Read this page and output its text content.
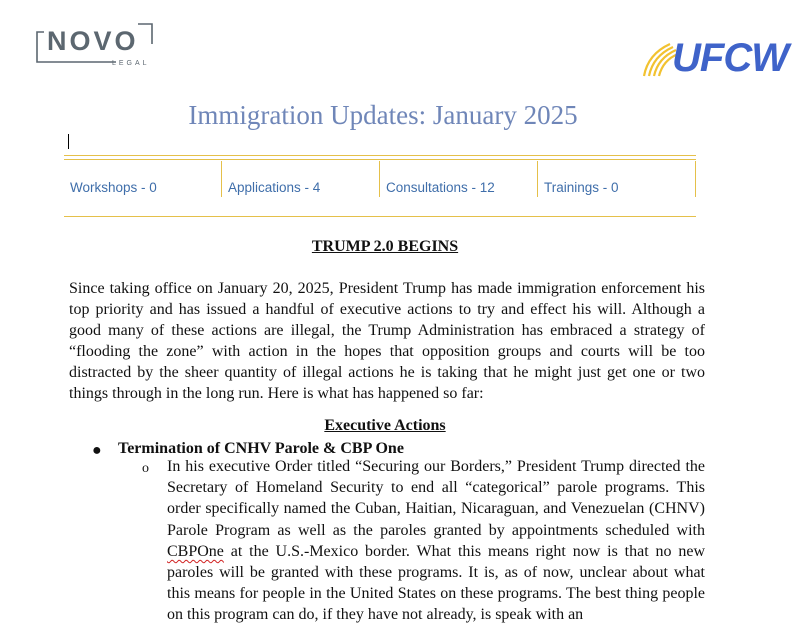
NOVO
LEGAL	UFCW
Immigration Updates: January 2025
Workshops - 0	Applications - 4	Consultations - 12	Trainings - 0
TRUMP 2.0 BEGINS
Since taking office on January 20, 2025, President Trump has made immigration enforcement his top priority and has issued a handful of executive actions to try and effect his will. Although a good many of these actions are illegal, the Trump Administration has embraced a strategy of “flooding the zone” with action in the hopes that opposition groups and courts will be too distracted by the sheer quantity of illegal actions he is taking that he might just get one or two things through in the long run. Here is what has happened so far:
Executive Actions
● Termination of CNHV Parole & CBP One
o In his executive Order titled “Securing our Borders,” President Trump directed the Secretary of Homeland Security to end all “categorical” parole programs. This order specifically named the Cuban, Haitian, Nicaraguan, and Venezuelan (CHNV) Parole Program as well as the paroles granted by appointments scheduled with CBPOne at the U.S.-Mexico border. What this means right now is that no new paroles will be granted with these programs. It is, as of now, unclear about what this means for people in the United States on these programs. The best thing people on this program can do, if they have not already, is speak with an
